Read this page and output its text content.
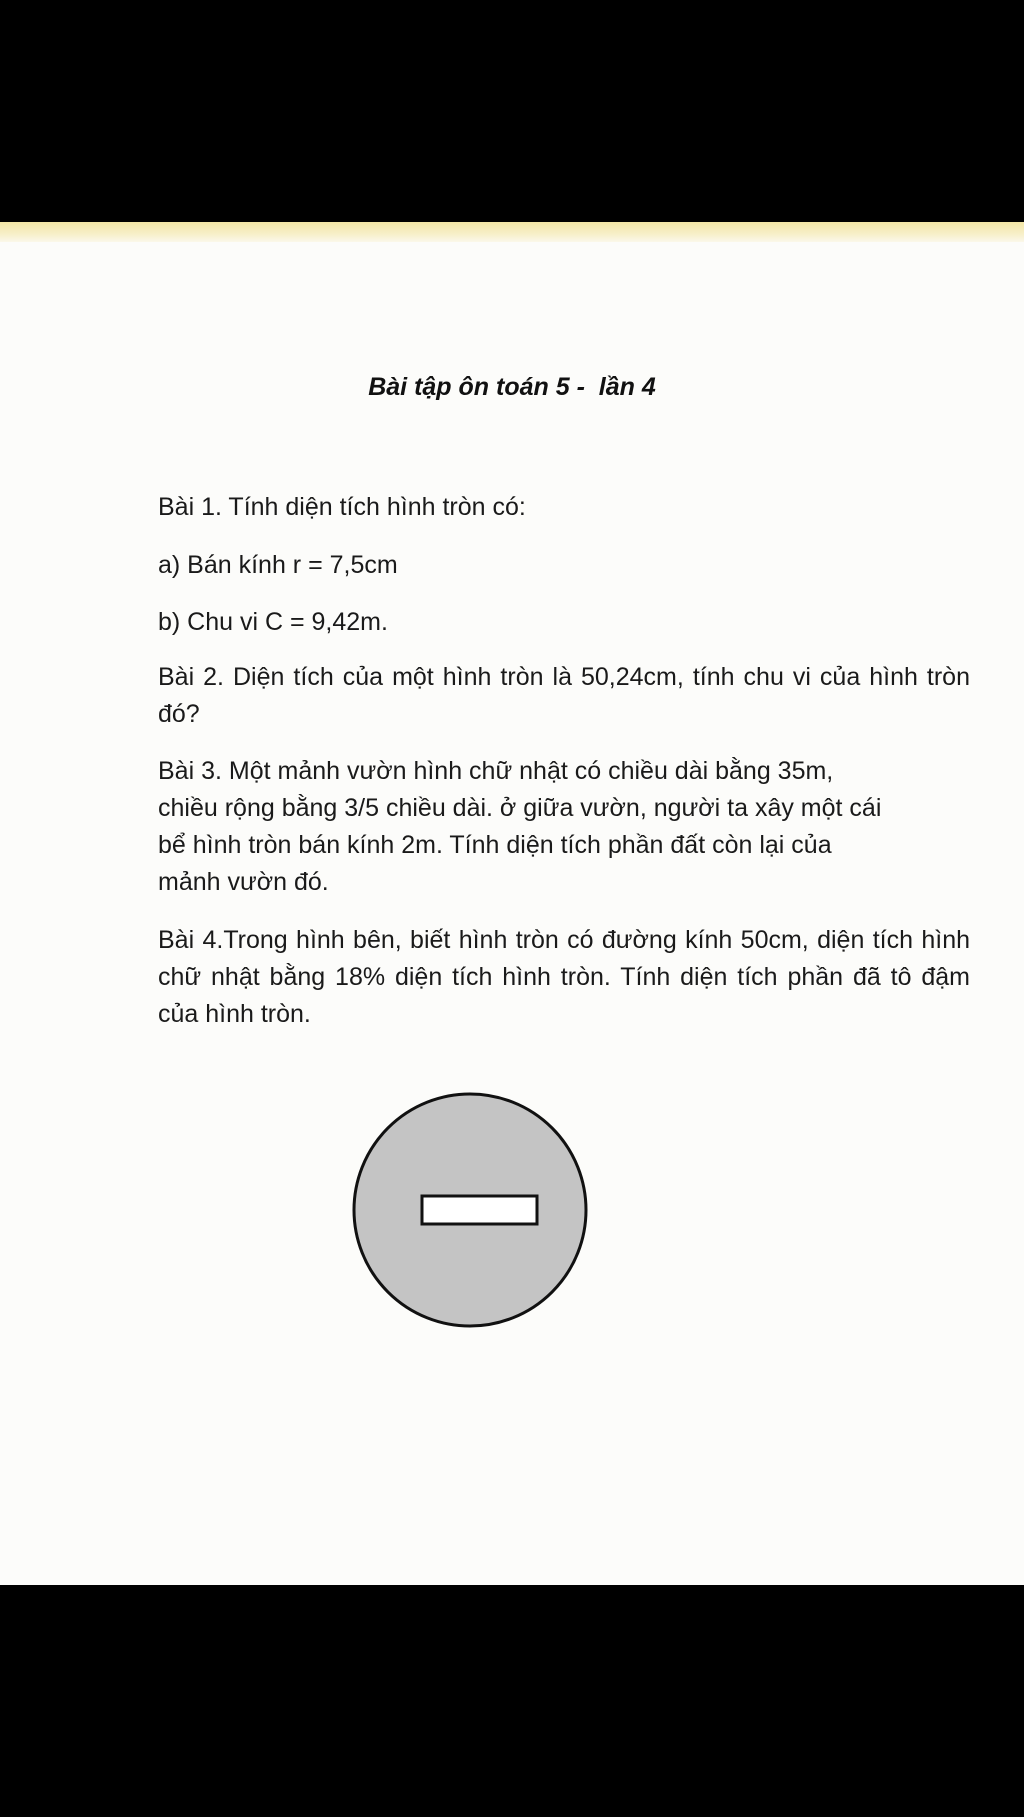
Bài tập ôn toán 5 -  lần 4

Bài 1. Tính diện tích hình tròn có:

a) Bán kính r = 7,5cm

b) Chu vi C = 9,42m.

Bài 2. Diện tích của một hình tròn là 50,24cm, tính chu vi của hình tròn đó?

Bài 3. Một mảnh vườn hình chữ nhật có chiều dài bằng 35m, chiều rộng bằng 3/5 chiều dài. ở giữa vườn, người ta xây một cái bể hình tròn bán kính 2m. Tính diện tích phần đất còn lại của mảnh vườn đó.

Bài 4.Trong hình bên, biết hình tròn có đường kính 50cm, diện tích hình chữ nhật bằng 18% diện tích hình tròn. Tính diện tích phần đã tô đậm của hình tròn.
